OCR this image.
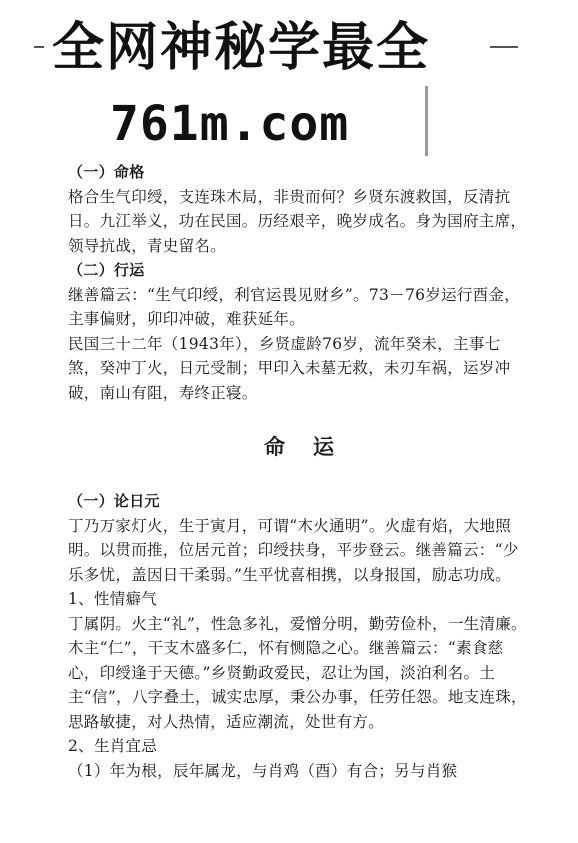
全网神秘学最全
761m.com

（一）命格

格合生气印绶，支连珠木局，非贵而何？乡贤东渡救国，反清抗日。九江举义，功在民国。历经艰辛，晚岁成名。身为国府主席，领导抗战，青史留名。

（二）行运

继善篇云：“生气印绶，利官运畏见财乡”。73－76岁运行酉金，主事偏财，卯印冲破，难获延年。

民国三十二年（1943年），乡贤虚龄76岁，流年癸未，主事七煞，癸冲丁火，日元受制；甲印入未墓无救，未刃车祸，运岁冲破，南山有阻，寿终正寝。

命运

（一）论日元

丁乃万家灯火，生于寅月，可谓“木火通明”。火虚有焰，大地照明。以贯而推，位居元首；印绶扶身，平步登云。继善篇云：“少乐多忧，盖因日干柔弱。”生平忧喜相携，以身报国，励志功成。

1、性情癖气

丁属阴。火主“礼”，性急多礼，爱憎分明，勤劳俭朴，一生清廉。木主“仁”，干支木盛多仁，怀有恻隐之心。继善篇云：“素食慈心，印绶逢于天德。”乡贤勤政爱民，忍让为国，淡泊利名。土主“信”，八字叠土，诚实忠厚，秉公办事，任劳任怨。地支连珠，思路敏捷，对人热情，适应潮流，处世有方。

2、生肖宜忌

（1）年为根，辰年属龙，与肖鸡（酉）有合；另与肖猴
